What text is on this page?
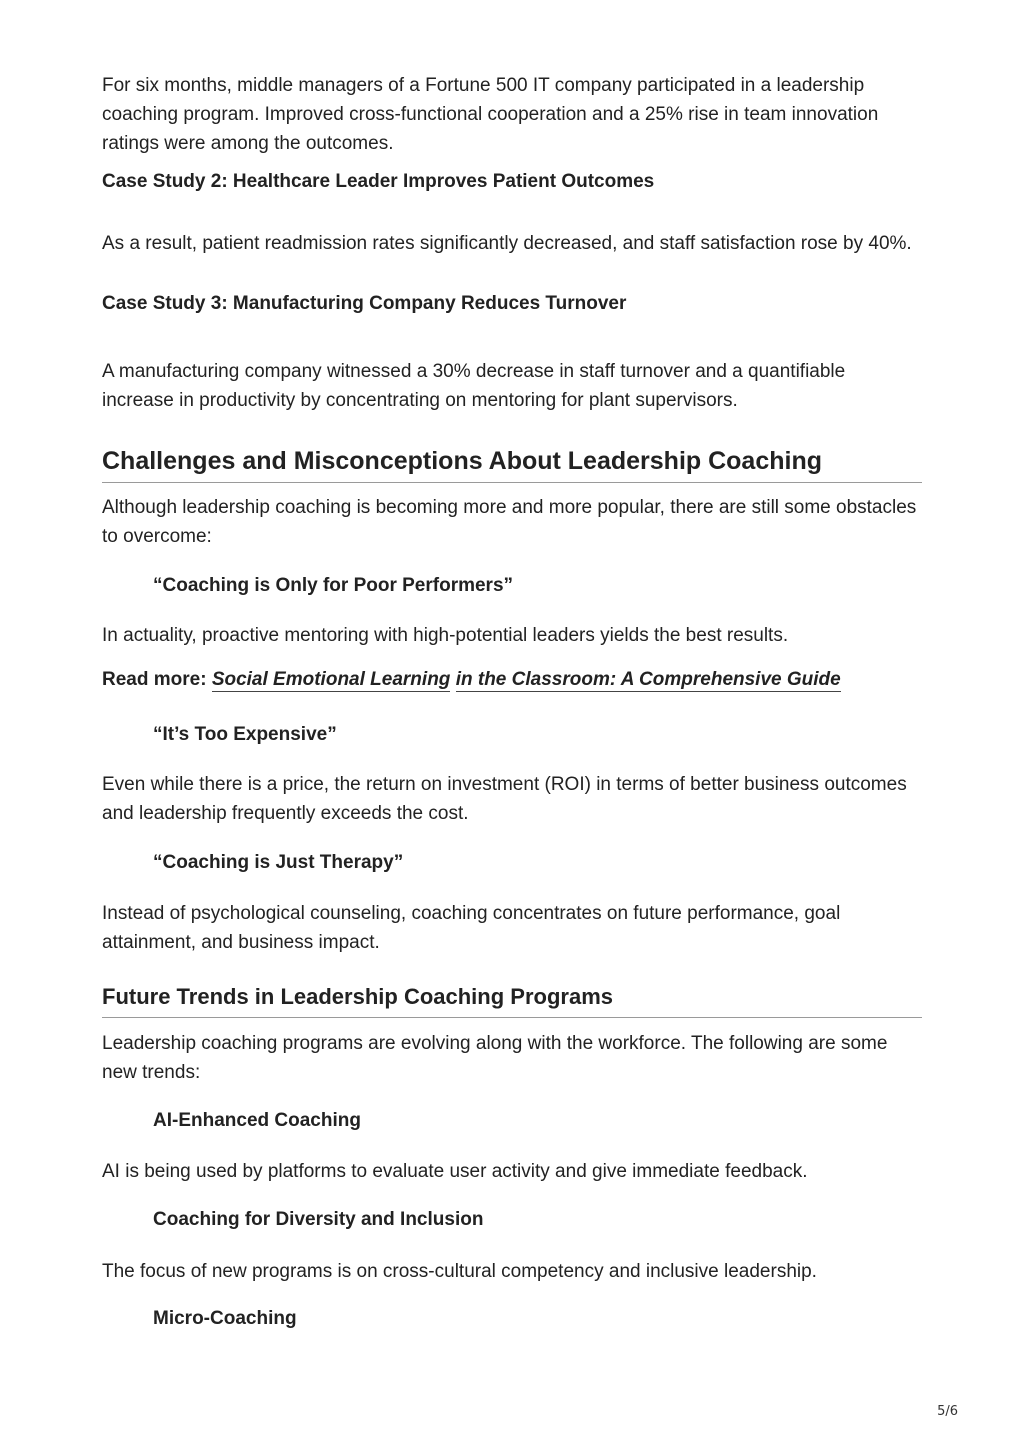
For six months, middle managers of a Fortune 500 IT company participated in a leadership coaching program. Improved cross-functional cooperation and a 25% rise in team innovation ratings were among the outcomes.

Case Study 2: Healthcare Leader Improves Patient Outcomes

As a result, patient readmission rates significantly decreased, and staff satisfaction rose by 40%.

Case Study 3: Manufacturing Company Reduces Turnover

A manufacturing company witnessed a 30% decrease in staff turnover and a quantifiable increase in productivity by concentrating on mentoring for plant supervisors.

Challenges and Misconceptions About Leadership Coaching

Although leadership coaching is becoming more and more popular, there are still some obstacles to overcome:

“Coaching is Only for Poor Performers”

In actuality, proactive mentoring with high-potential leaders yields the best results.

Read more: Social Emotional Learning in the Classroom: A Comprehensive Guide
“It’s Too Expensive”

Even while there is a price, the return on investment (ROI) in terms of better business outcomes and leadership frequently exceeds the cost.

“Coaching is Just Therapy”

Instead of psychological counseling, coaching concentrates on future performance, goal attainment, and business impact.

Future Trends in Leadership Coaching Programs

Leadership coaching programs are evolving along with the workforce. The following are some new trends:

AI-Enhanced Coaching

AI is being used by platforms to evaluate user activity and give immediate feedback.

Coaching for Diversity and Inclusion

The focus of new programs is on cross-cultural competency and inclusive leadership.

Micro-Coaching
5/6
